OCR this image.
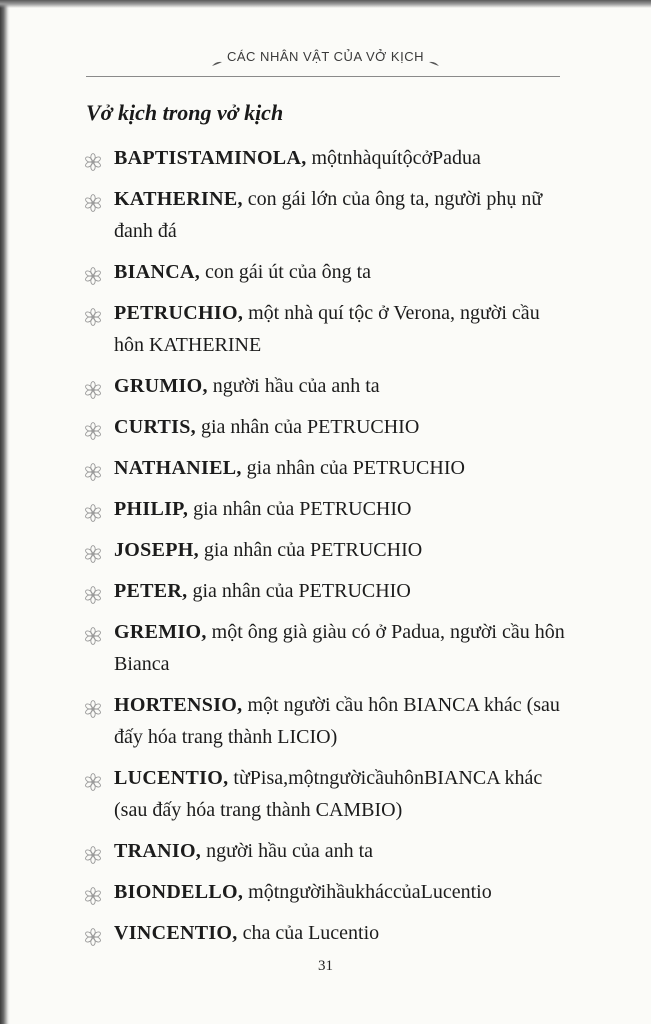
CÁC NHÂN VẬT CỦA VỞ KỊCH
Vở kịch trong vở kịch
BAPTISTAMINOLA, mộtnhàquítộcởPadua
KATHERINE, con gái lớn của ông ta, người phụ nữ đanh đá
BIANCA, con gái út của ông ta
PETRUCHIO, một nhà quí tộc ở Verona, người cầu hôn KATHERINE
GRUMIO, người hầu của anh ta
CURTIS, gia nhân của PETRUCHIO
NATHANIEL, gia nhân của PETRUCHIO
PHILIP, gia nhân của PETRUCHIO
JOSEPH, gia nhân của PETRUCHIO
PETER, gia nhân của PETRUCHIO
GREMIO, một ông già giàu có ở Padua, người cầu hôn Bianca
HORTENSIO, một người cầu hôn BIANCA khác (sau đấy hóa trang thành LICIO)
LUCENTIO, từPisa,mộtngườicầuhônBIANCA khác (sau đấy hóa trang thành CAMBIO)
TRANIO, người hầu của anh ta
BIONDELLO, mộtngườihầukháccủaLucentio
VINCENTIO, cha của Lucentio
31
